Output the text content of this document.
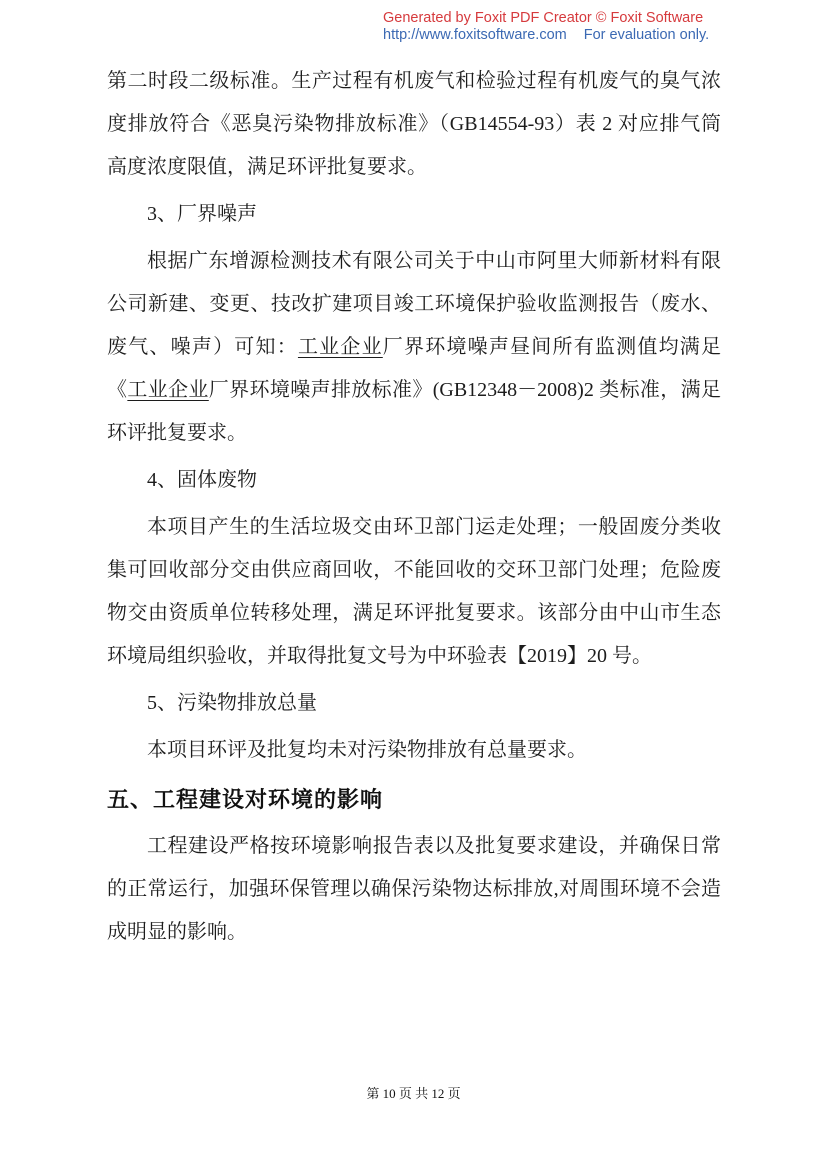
Generated by Foxit PDF Creator © Foxit Software
http://www.foxitsoftware.com For evaluation only.

第二时段二级标准。生产过程有机废气和检验过程有机废气的臭气浓度排放符合《恶臭污染物排放标准》（GB14554-93）表 2 对应排气筒高度浓度限值，满足环评批复要求。

3、厂界噪声

根据广东增源检测技术有限公司关于中山市阿里大师新材料有限公司新建、变更、技改扩建项目竣工环境保护验收监测报告（废水、废气、噪声）可知：工业企业厂界环境噪声昼间所有监测值均满足《工业企业厂界环境噪声排放标准》(GB12348－2008)2 类标准，满足环评批复要求。

4、固体废物

本项目产生的生活垃圾交由环卫部门运走处理；一般固废分类收集可回收部分交由供应商回收，不能回收的交环卫部门处理；危险废物交由资质单位转移处理，满足环评批复要求。该部分由中山市生态环境局组织验收，并取得批复文号为中环验表【2019】20 号。

5、污染物排放总量

本项目环评及批复均未对污染物排放有总量要求。

五、工程建设对环境的影响

工程建设严格按环境影响报告表以及批复要求建设，并确保日常的正常运行，加强环保管理以确保污染物达标排放,对周围环境不会造成明显的影响。

第 10 页 共 12 页
